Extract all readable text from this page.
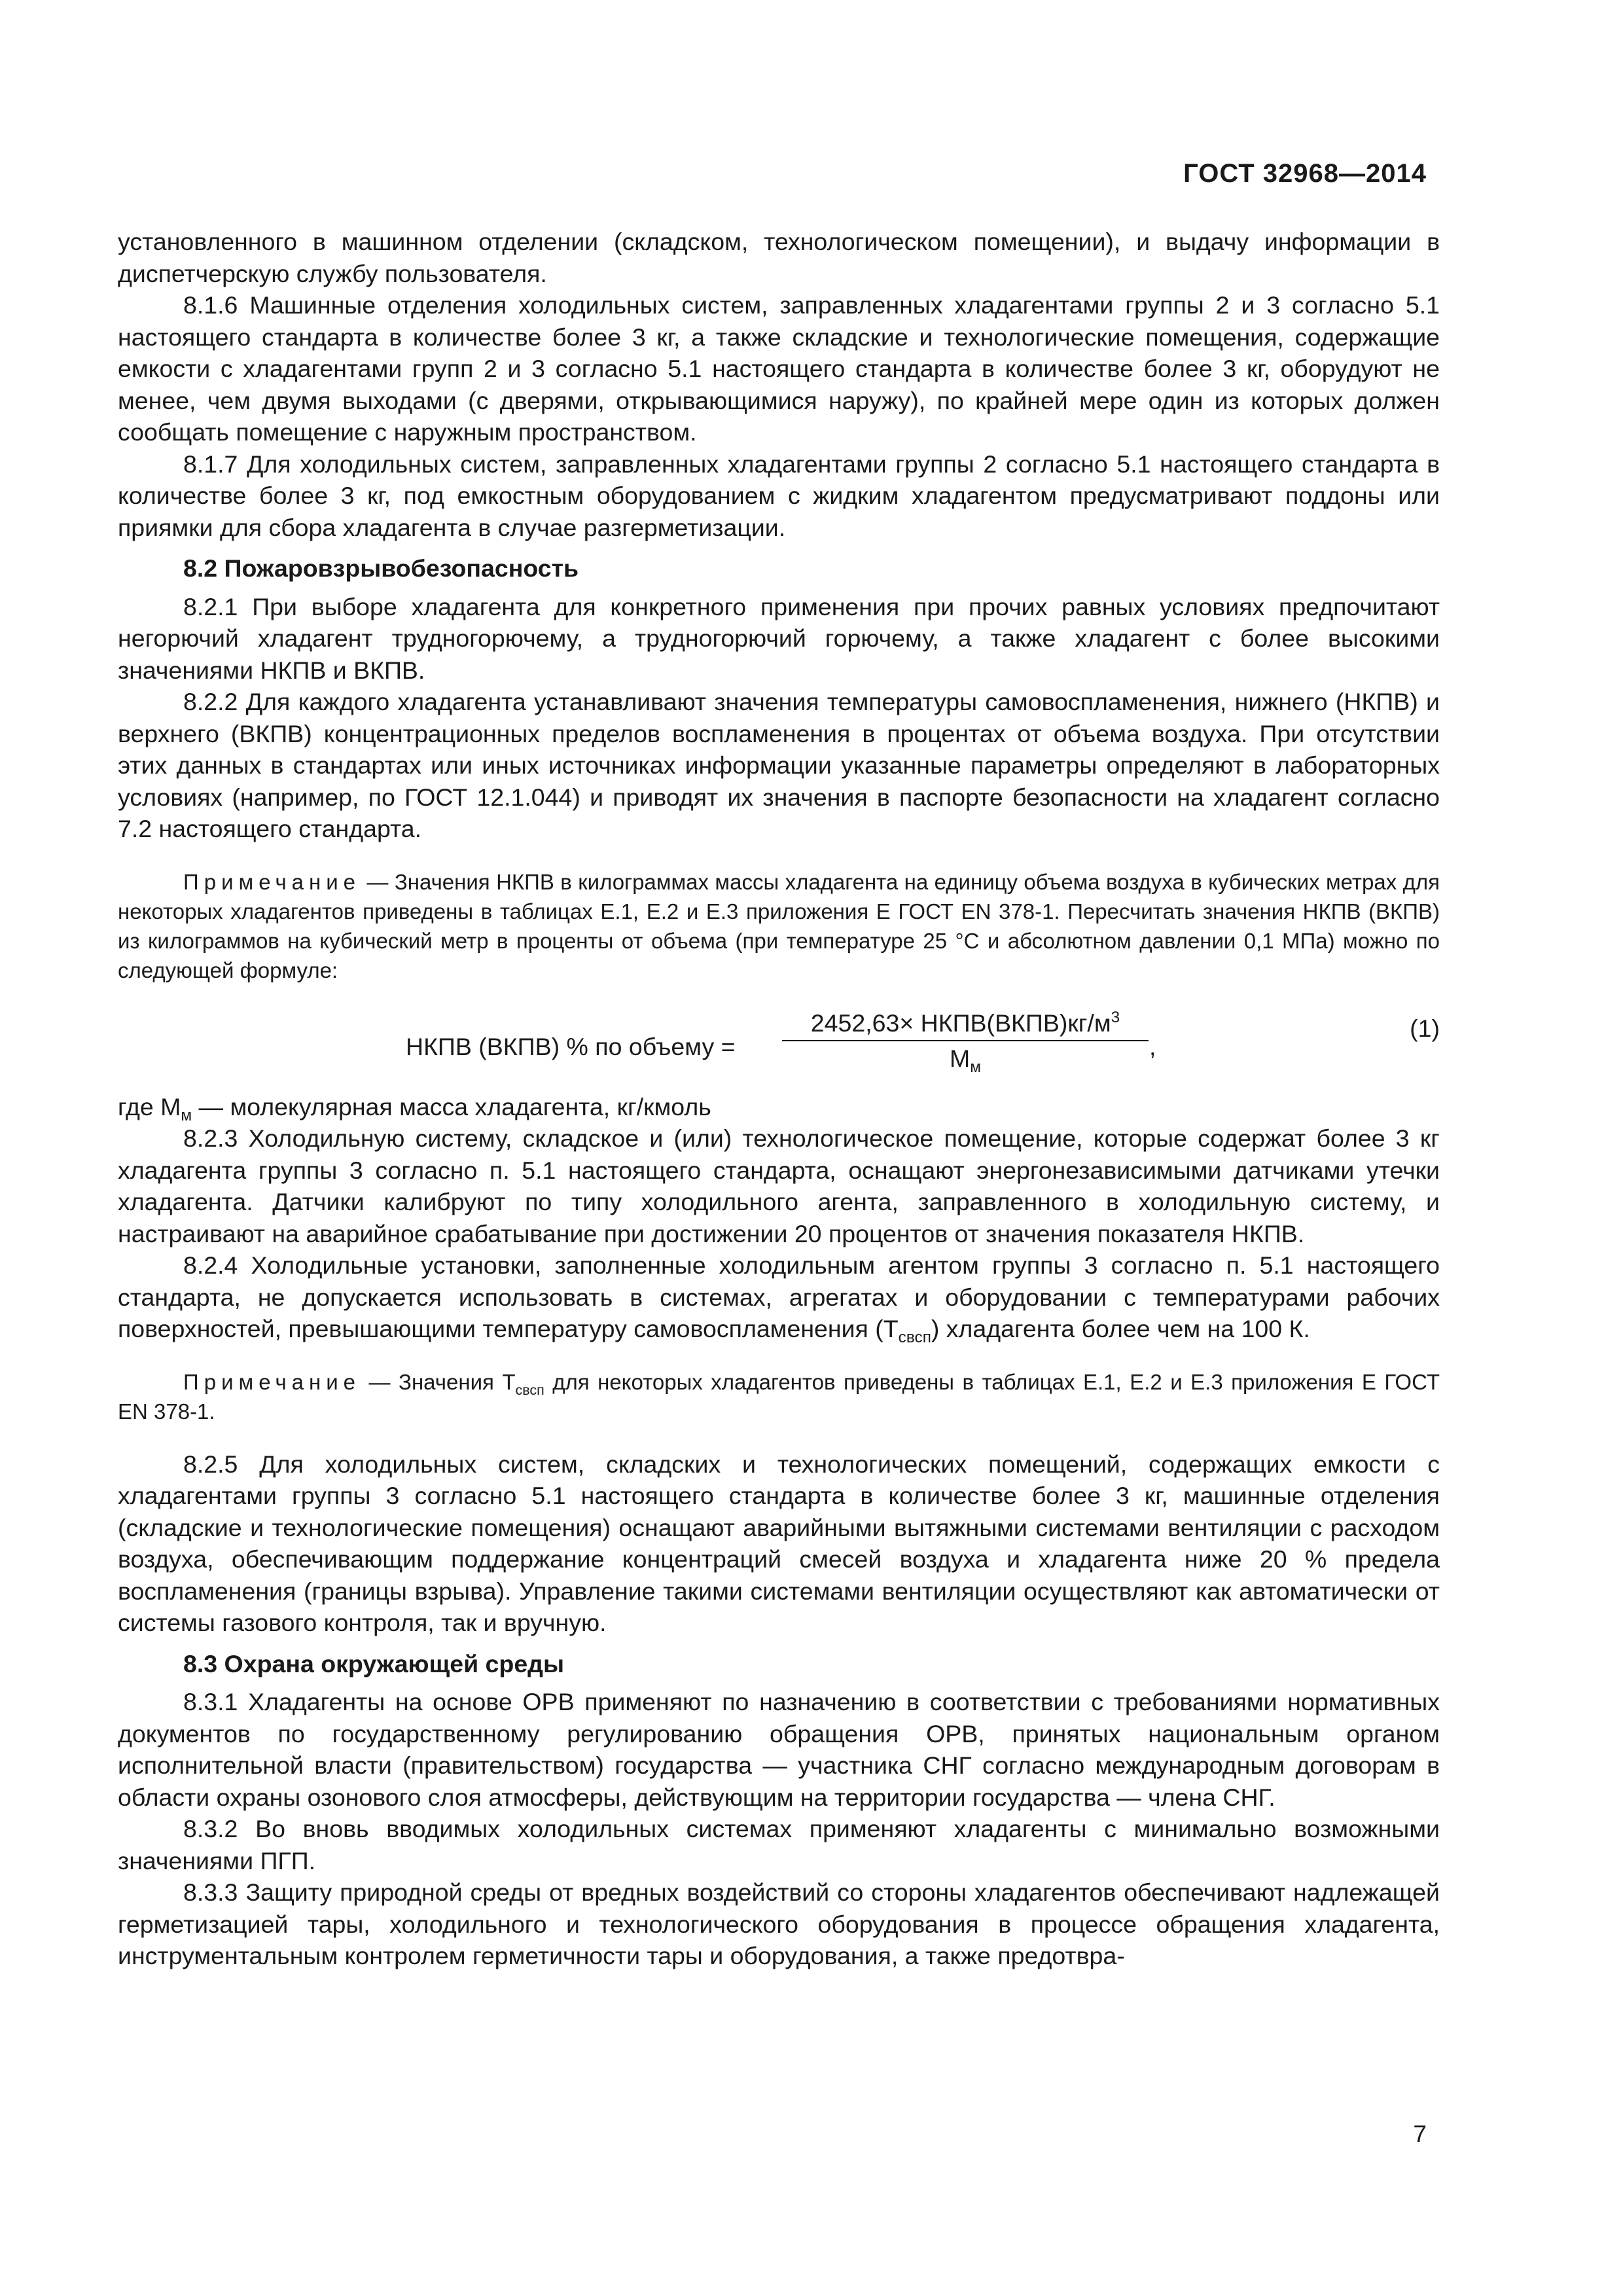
ГОСТ 32968—2014

установленного в машинном отделении (складском, технологическом помещении), и выдачу информации в диспетчерскую службу пользователя.

8.1.6 Машинные отделения холодильных систем, заправленных хладагентами группы 2 и 3 согласно 5.1 настоящего стандарта в количестве более 3 кг, а также складские и технологические помещения, содержащие емкости с хладагентами групп 2 и 3 согласно 5.1 настоящего стандарта в количестве более 3 кг, оборудуют не менее, чем двумя выходами (с дверями, открывающимися наружу), по крайней мере один из которых должен сообщать помещение с наружным пространством.

8.1.7 Для холодильных систем, заправленных хладагентами группы 2 согласно 5.1 настоящего стандарта в количестве более 3 кг, под емкостным оборудованием с жидким хладагентом предусматривают поддоны или приямки для сбора хладагента в случае разгерметизации.

8.2 Пожаровзрывобезопасность

8.2.1 При выборе хладагента для конкретного применения при прочих равных условиях предпочитают негорючий хладагент трудногорючему, а трудногорючий горючему, а также хладагент с более высокими значениями НКПВ и ВКПВ.

8.2.2 Для каждого хладагента устанавливают значения температуры самовоспламенения, нижнего (НКПВ) и верхнего (ВКПВ) концентрационных пределов воспламенения в процентах от объема воздуха. При отсутствии этих данных в стандартах или иных источниках информации указанные параметры определяют в лабораторных условиях (например, по ГОСТ 12.1.044) и приводят их значения в паспорте безопасности на хладагент согласно 7.2 настоящего стандарта.

Примечание — Значения НКПВ в килограммах массы хладагента на единицу объема воздуха в кубических метрах для некоторых хладагентов приведены в таблицах Е.1, Е.2 и Е.3 приложения Е ГОСТ EN 378-1. Пересчитать значения НКПВ (ВКПВ) из килограммов на кубический метр в проценты от объема (при температуре 25 °С и абсолютном давлении 0,1 МПа) можно по следующей формуле:

НКПВ (ВКПВ) % по объему =
$2452,63\times НКПВ(ВКПВ)кг/м^3$
$М_м$
,
(1)

где $М_м$ — молекулярная масса хладагента, кг/кмоль

8.2.3 Холодильную систему, складское и (или) технологическое помещение, которые содержат более 3 кг хладагента группы 3 согласно п. 5.1 настоящего стандарта, оснащают энергонезависимыми датчиками утечки хладагента. Датчики калибруют по типу холодильного агента, заправленного в холодильную систему, и настраивают на аварийное срабатывание при достижении 20 процентов от значения показателя НКПВ.

8.2.4 Холодильные установки, заполненные холодильным агентом группы 3 согласно п. 5.1 настоящего стандарта, не допускается использовать в системах, агрегатах и оборудовании с температурами рабочих поверхностей, превышающими температуру самовоспламенения $(Т_{свсп})$ хладагента более чем на 100 К.

Примечание — Значения $Т_{свсп}$ для некоторых хладагентов приведены в таблицах Е.1, Е.2 и Е.3 приложения Е ГОСТ EN 378-1.

8.2.5 Для холодильных систем, складских и технологических помещений, содержащих емкости с хладагентами группы 3 согласно 5.1 настоящего стандарта в количестве более 3 кг, машинные отделения (складские и технологические помещения) оснащают аварийными вытяжными системами вентиляции с расходом воздуха, обеспечивающим поддержание концентраций смесей воздуха и хладагента ниже 20 % предела воспламенения (границы взрыва). Управление такими системами вентиляции осуществляют как автоматически от системы газового контроля, так и вручную.

8.3 Охрана окружающей среды

8.3.1 Хладагенты на основе ОРВ применяют по назначению в соответствии с требованиями нормативных документов по государственному регулированию обращения ОРВ, принятых национальным органом исполнительной власти (правительством) государства — участника СНГ согласно международным договорам в области охраны озонового слоя атмосферы, действующим на территории государства — члена СНГ.

8.3.2 Во вновь вводимых холодильных системах применяют хладагенты с минимально возможными значениями ПГП.

8.3.3 Защиту природной среды от вредных воздействий со стороны хладагентов обеспечивают надлежащей герметизацией тары, холодильного и технологического оборудования в процессе обращения хладагента, инструментальным контролем герметичности тары и оборудования, а также предотвра-

7
